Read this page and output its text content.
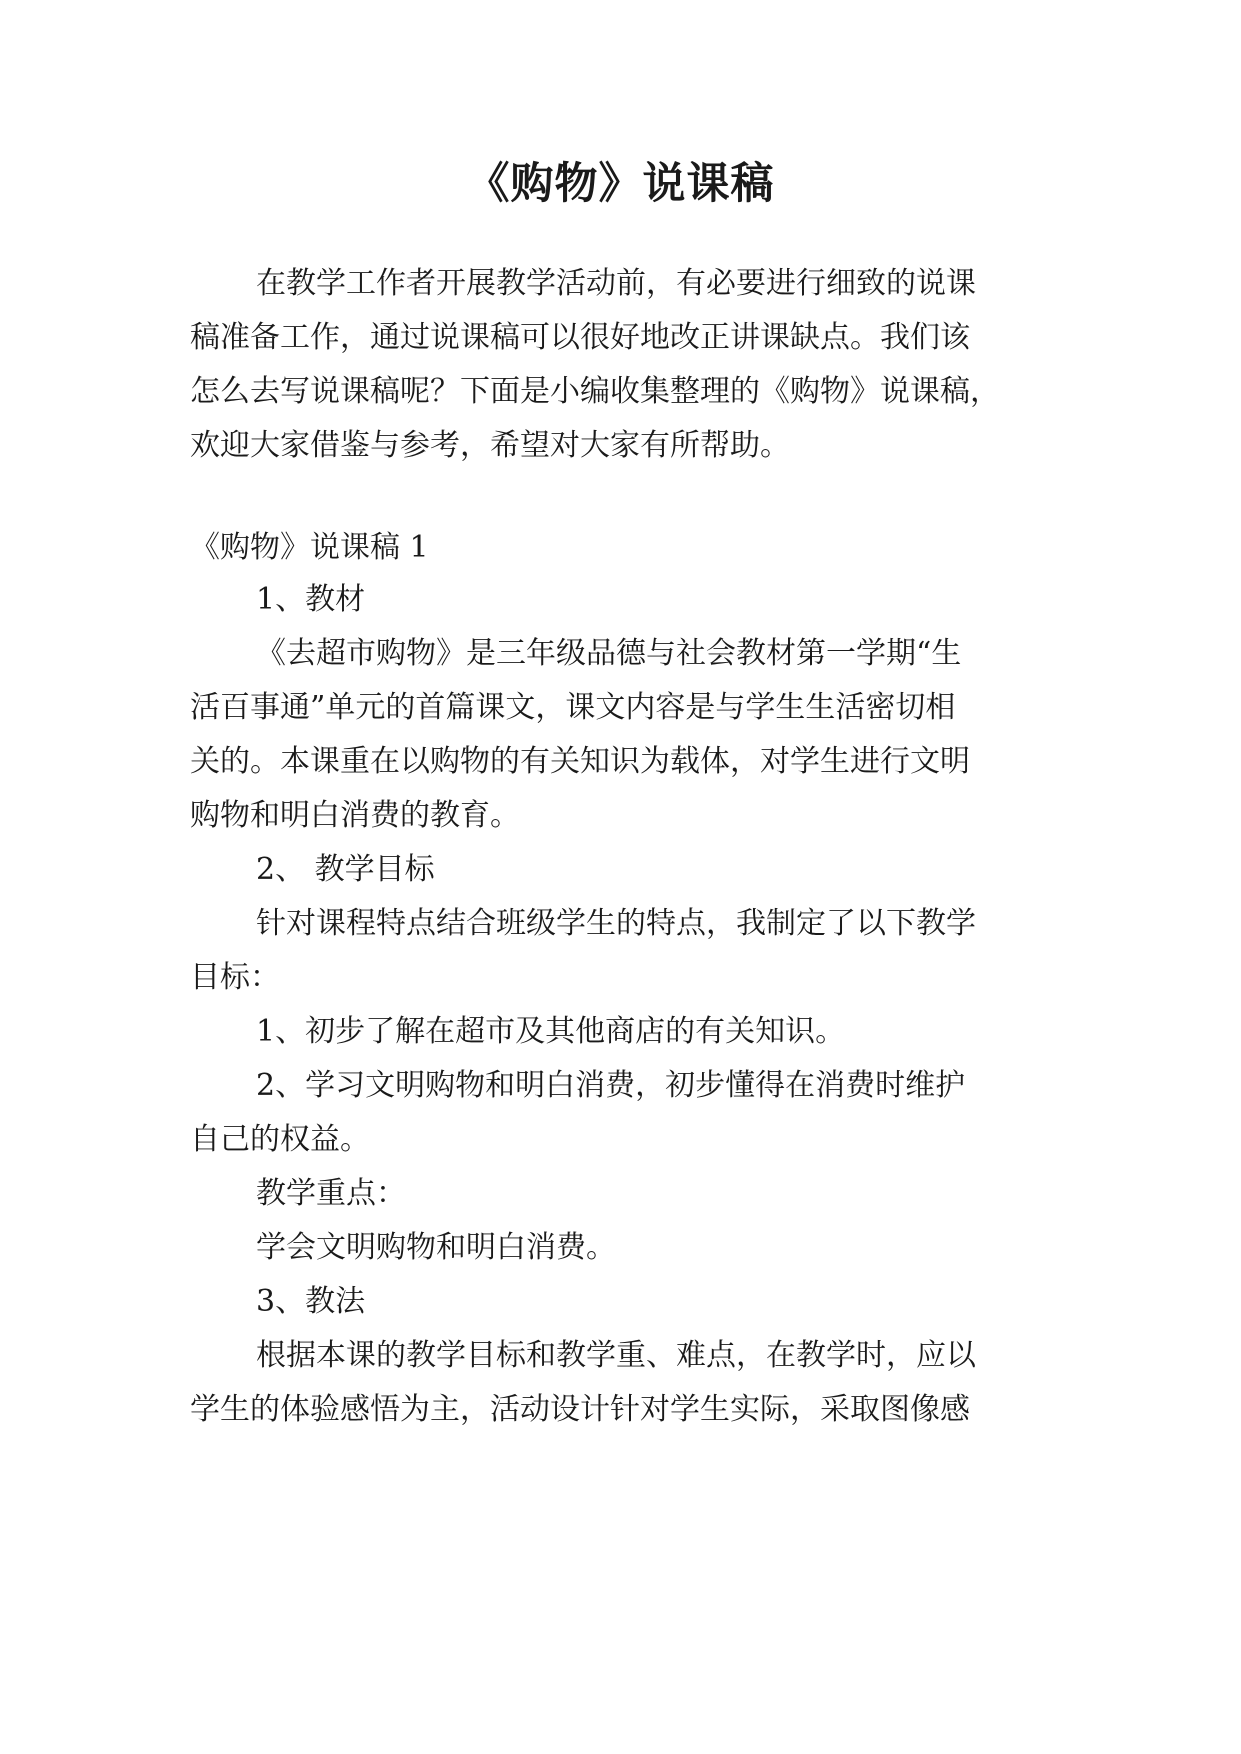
《购物》说课稿
在教学工作者开展教学活动前，有必要进行细致的说课
稿准备工作，通过说课稿可以很好地改正讲课缺点。我们该
怎么去写说课稿呢？下面是小编收集整理的《购物》说课稿，
欢迎大家借鉴与参考，希望对大家有所帮助。
《购物》说课稿 1
1、教材
《去超市购物》是三年级品德与社会教材第一学期“生
活百事通”单元的首篇课文，课文内容是与学生生活密切相
关的。本课重在以购物的有关知识为载体，对学生进行文明
购物和明白消费的教育。
2、 教学目标
针对课程特点结合班级学生的特点，我制定了以下教学
目标：
1、初步了解在超市及其他商店的有关知识。
2、学习文明购物和明白消费，初步懂得在消费时维护
自己的权益。
教学重点：
学会文明购物和明白消费。
3、教法
根据本课的教学目标和教学重、难点，在教学时，应以
学生的体验感悟为主，活动设计针对学生实际，采取图像感
